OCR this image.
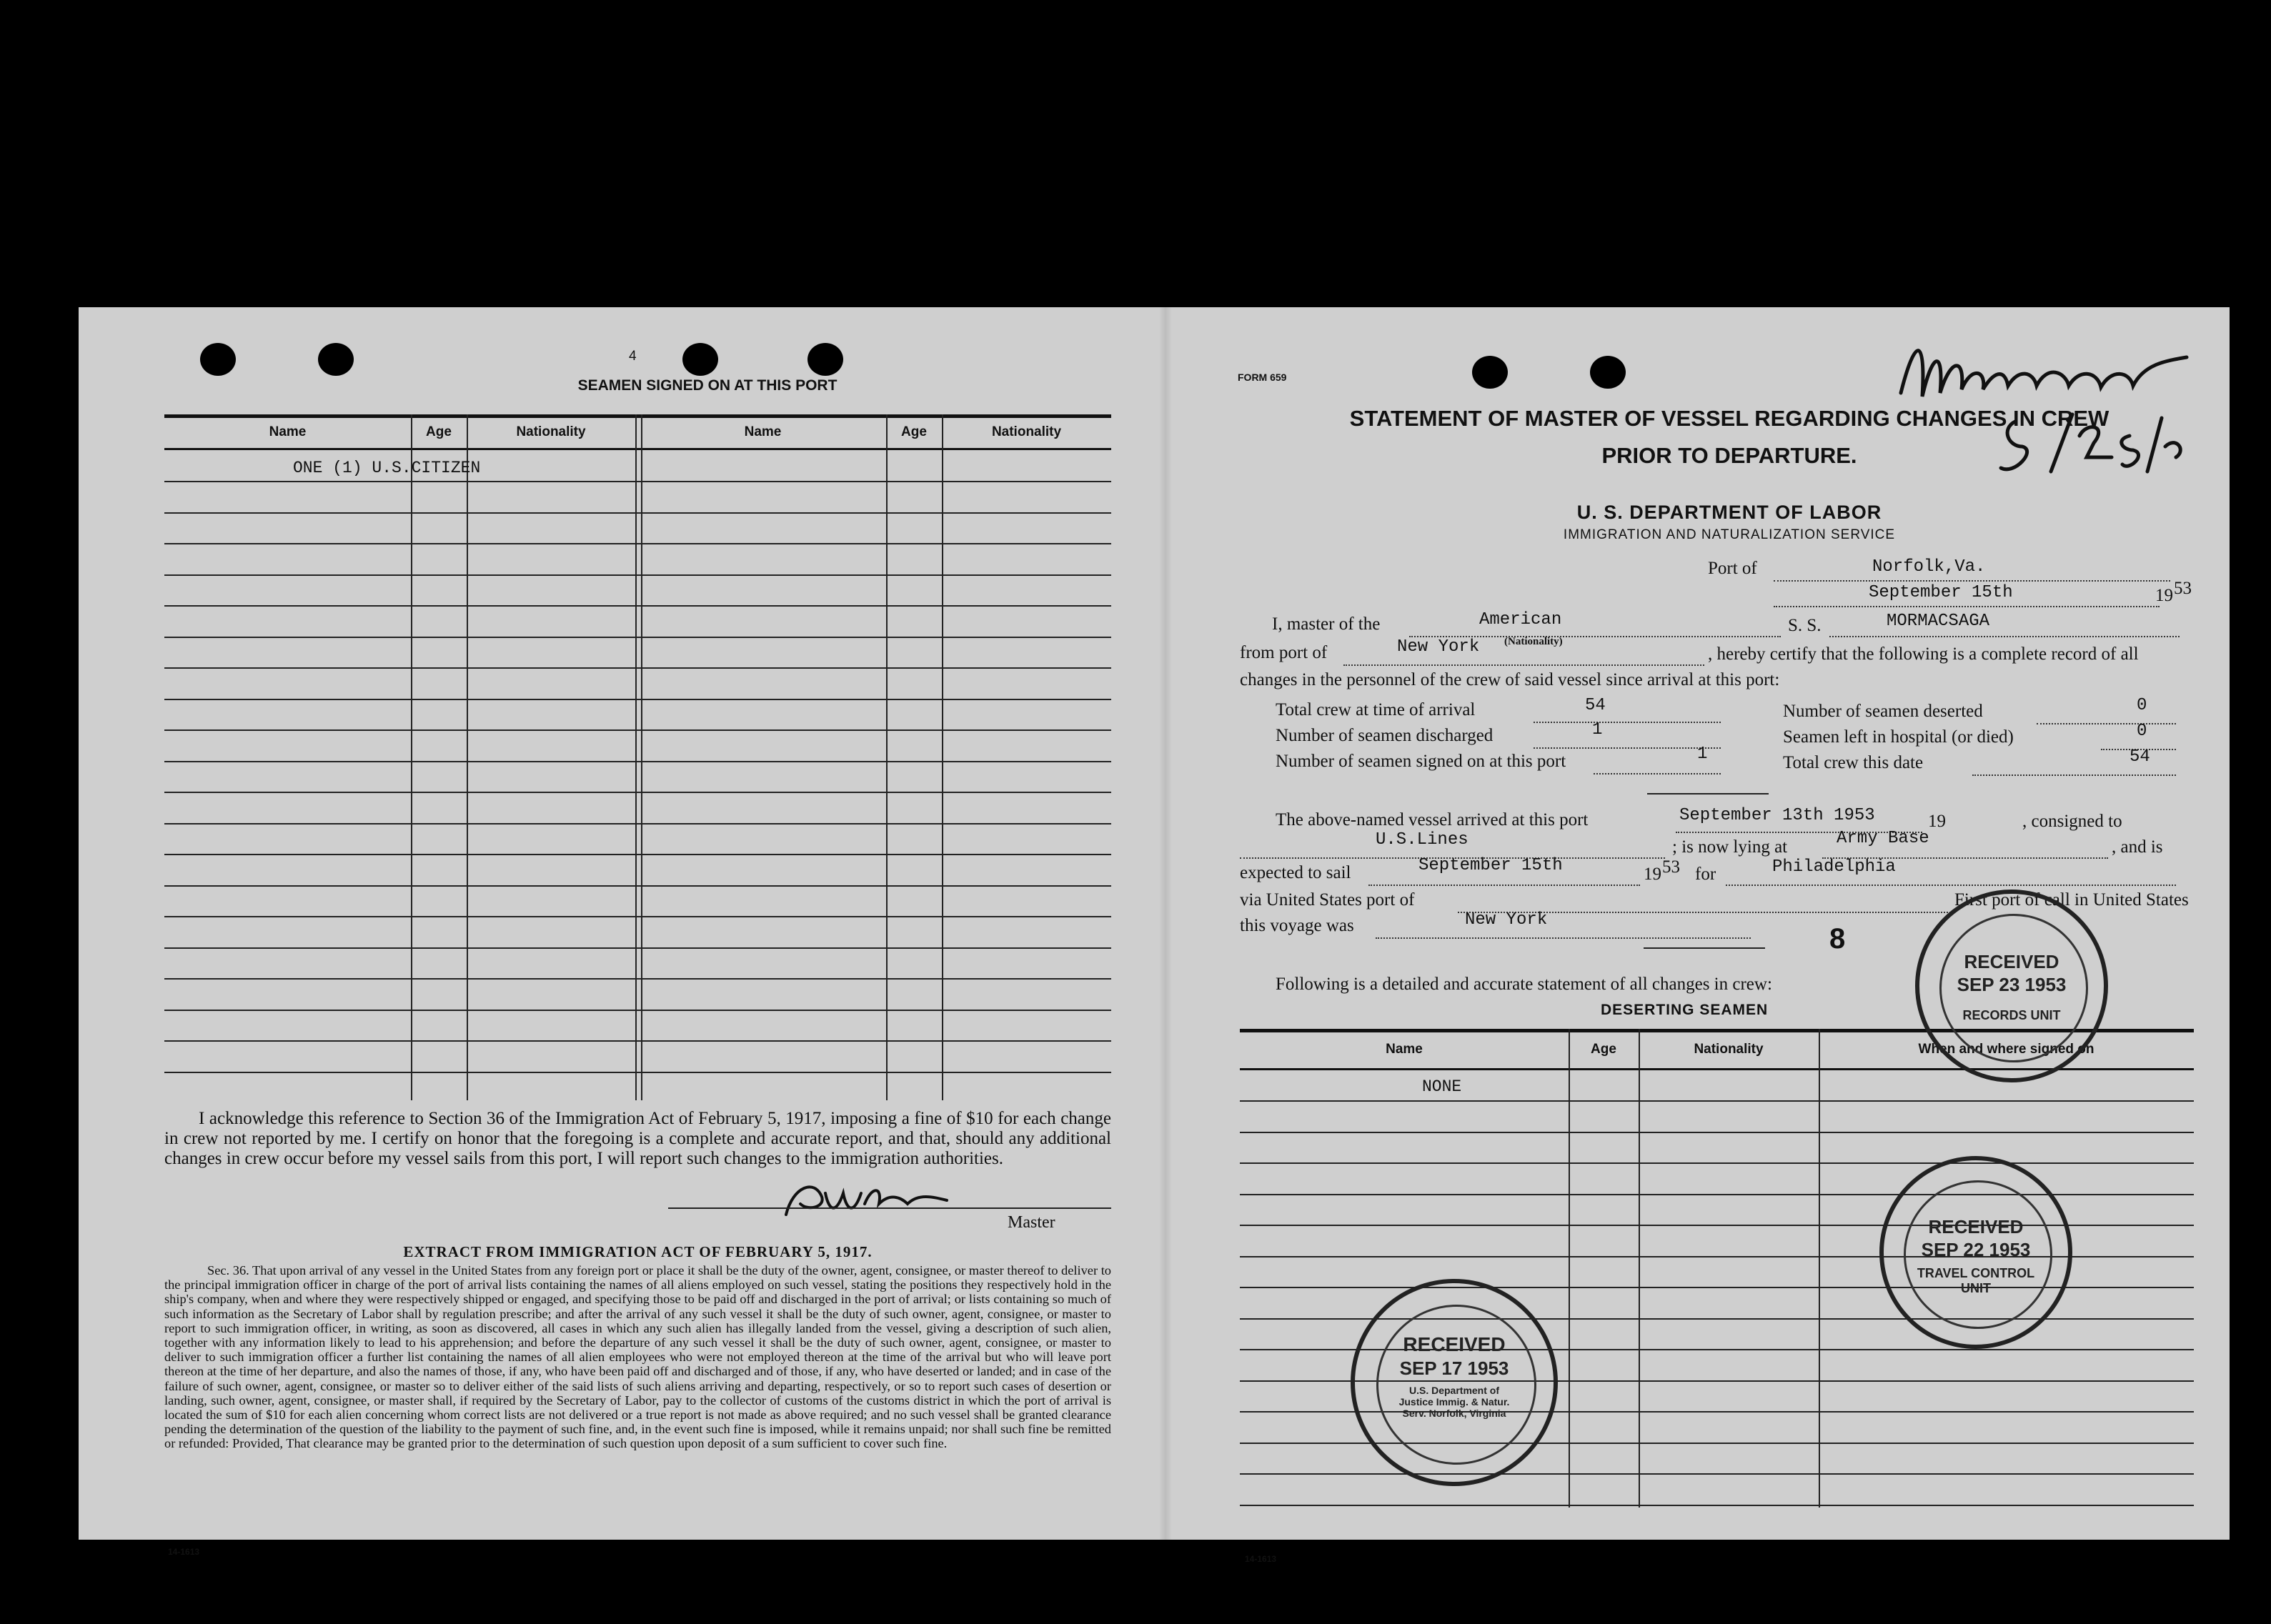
4
SEAMEN SIGNED ON AT THIS PORT
Name	Age	Nationality	Name	Age	Nationality
ONE (1) U.S.CITIZEN
I acknowledge this reference to Section 36 of the Immigration Act of February 5, 1917, imposing a fine of $10 for each change in crew not reported by me. I certify on honor that the foregoing is a complete and accurate report, and that, should any additional changes in crew occur before my vessel sails from this port, I will report such changes to the immigration authorities.
Master
EXTRACT FROM IMMIGRATION ACT OF FEBRUARY 5, 1917.
Sec. 36. That upon arrival of any vessel in the United States from any foreign port or place it shall be the duty of the owner, agent, consignee, or master thereof to deliver to the principal immigration officer in charge of the port of arrival lists containing the names of all aliens employed on such vessel, stating the positions they respectively hold in the ship's company, when and where they were respectively shipped or engaged, and specifying those to be paid off and discharged in the port of arrival; or lists containing so much of such information as the Secretary of Labor shall by regulation prescribe; and after the arrival of any such vessel it shall be the duty of such owner, agent, consignee, or master to report to such immigration officer, in writing, as soon as discovered, all cases in which any such alien has illegally landed from the vessel, giving a description of such alien, together with any information likely to lead to his apprehension; and before the departure of any such vessel it shall be the duty of such owner, agent, consignee, or master to deliver to such immigration officer a further list containing the names of all alien employees who were not employed thereon at the time of the arrival but who will leave port thereon at the time of her departure, and also the names of those, if any, who have been paid off and discharged and of those, if any, who have deserted or landed; and in case of the failure of such owner, agent, consignee, or master so to deliver either of the said lists of such aliens arriving and departing, respectively, or so to report such cases of desertion or landing, such owner, agent, consignee, or master shall, if required by the Secretary of Labor, pay to the collector of customs of the customs district in which the port of arrival is located the sum of $10 for each alien concerning whom correct lists are not delivered or a true report is not made as above required; and no such vessel shall be granted clearance pending the determination of the question of the liability to the payment of such fine, and, in the event such fine is imposed, while it remains unpaid; nor shall such fine be remitted or refunded: Provided, That clearance may be granted prior to the determination of such question upon deposit of a sum sufficient to cover such fine.
14-1613
FORM 659
STATEMENT OF MASTER OF VESSEL REGARDING CHANGES IN CREW
PRIOR TO DEPARTURE.
U. S. DEPARTMENT OF LABOR
IMMIGRATION AND NATURALIZATION SERVICE
Port of	Norfolk,Va.
September 15th	19 53
I, master of the	American	S. S.	MORMACSAGA
from port of	New York (Nationality)
, hereby certify that the following is a complete record of all
changes in the personnel of the crew of said vessel since arrival at this port:
Total crew at time of arrival	54
Number of seamen discharged	1
Number of seamen signed on at this port	1
Number of seamen deserted	0
Seamen left in hospital (or died)	0
Total crew this date	54
The above-named vessel arrived at this port	September 13th 1953	19	, consigned to
U.S.Lines	; is now lying at	Army Base	, and is
expected to sail	September 15th	19 53 for	Philadelphia
via United States port of	First port of call in United States
this voyage was	New York
8
Following is a detailed and accurate statement of all changes in crew:
DESERTING SEAMEN
Name	Age	Nationality	When and where signed on
NONE
14-1613
RECEIVED
SEP 23 1953
RECORDS UNIT
RECEIVED
SEP 22 1953
TRAVEL CONTROL UNIT
RECEIVED
SEP 17 1953
U.S. Department of Justice Immig. & Natur. Serv. Norfolk, Virginia
